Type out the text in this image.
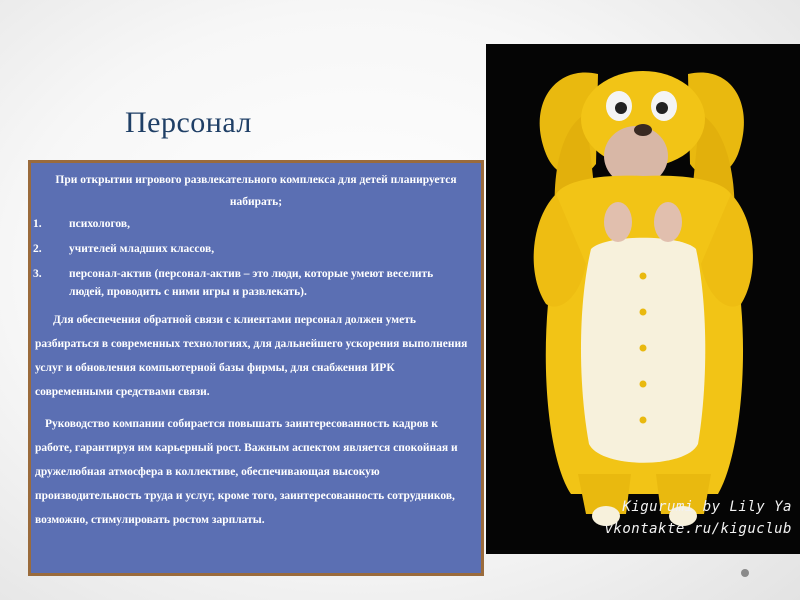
Персонал
При открытии игрового развлекательного комплекса для детей планируется набирать;
1. психологов,
2. учителей младших классов,
3. персонал-актив (персонал-актив – это люди, которые умеют веселить людей, проводить с ними игры и развлекать).

Для обеспечения обратной связи с клиентами персонал должен уметь разбираться в современных технологиях, для дальнейшего ускорения выполнения услуг и обновления компьютерной базы фирмы, для снабжения ИРК современными средствами связи.

Руководство компании собирается повышать заинтересованность кадров к работе, гарантируя им карьерный рост. Важным аспектом является спокойная и дружелюбная атмосфера в коллективе, обеспечивающая высокую производительность труда и услуг, кроме того, заинтересованность сотрудников, возможно, стимулировать ростом зарплаты.

Kigurumi by Lily Ya
vkontakte.ru/kiguclub
